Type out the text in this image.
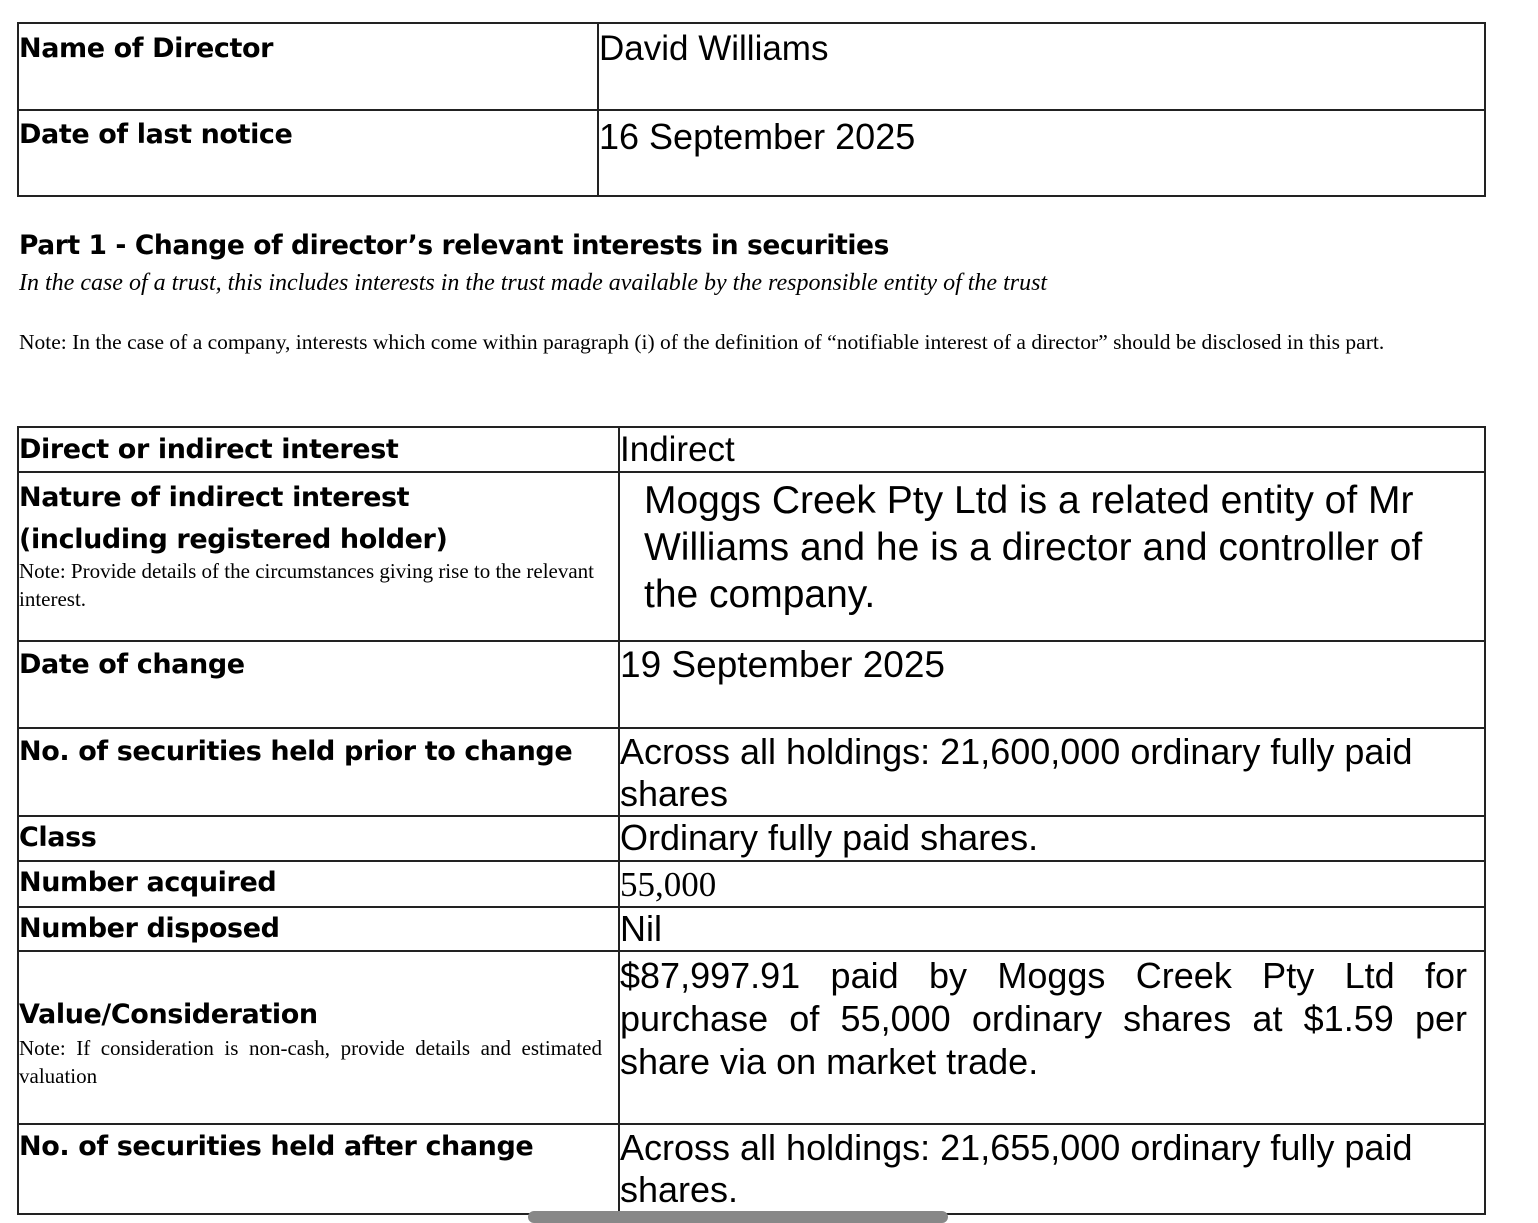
Name of Director	David Williams
Date of last notice	16 September 2025
Part 1 - Change of director’s relevant interests in securities
In the case of a trust, this includes interests in the trust made available by the responsible entity of the trust
Note: In the case of a company, interests which come within paragraph (i) of the definition of “notifiable interest of a director” should be disclosed in this part.
Direct or indirect interest	Indirect

Nature of indirect interest
(including registered holder)
Note: Provide details of the circumstances giving rise to the relevant interest.	Moggs Creek Pty Ltd is a related entity of Mr Williams and he is a director and controller of the company.
Date of change	19 September 2025
No. of securities held prior to change	Across all holdings: 21,600,000 ordinary fully paid shares
Class	Ordinary fully paid shares.
Number acquired	55,000
Number disposed	Nil

Value/Consideration
Note: If consideration is non-cash, provide details and estimated valuation	$87,997.91 paid by Moggs Creek Pty Ltd for purchase of 55,000 ordinary shares at $1.59 per share via on market trade.
No. of securities held after change	Across all holdings: 21,655,000 ordinary fully paid shares.
